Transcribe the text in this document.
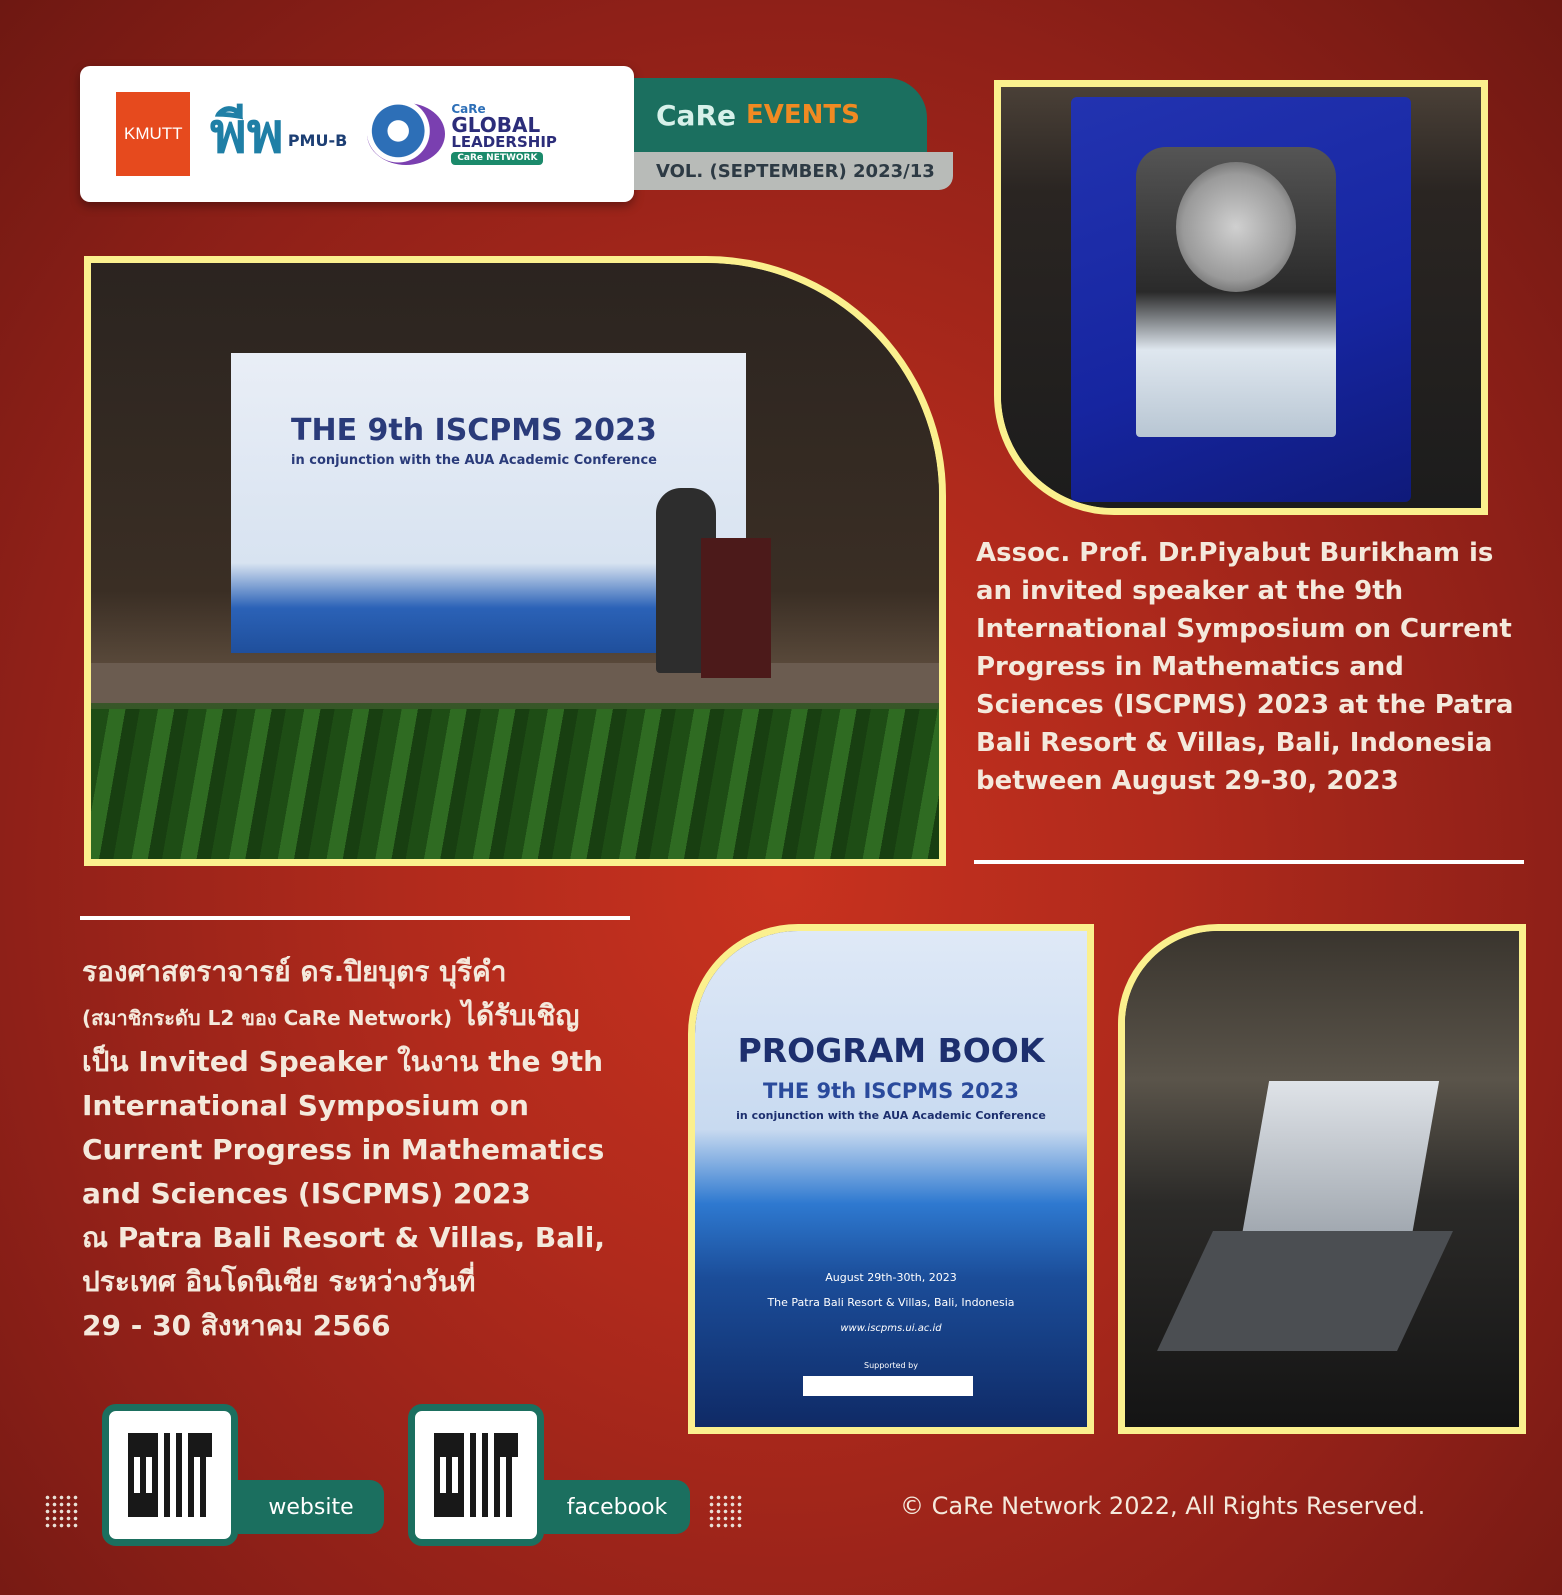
KMUTT พีพ PMU-B
CaRe
GLOBAL
LEADERSHIP
CaRe NETWORK
CaRe EVENTS
VOL. (SEPTEMBER) 2023/13
THE 9th ISCPMS 2023
in conjunction with the AUA Academic Conference
Assoc. Prof. Dr.Piyabut Burikham is an invited speaker at the 9th International Symposium on Current Progress in Mathematics and Sciences (ISCPMS) 2023 at the Patra Bali Resort & Villas, Bali, Indonesia between August 29-30, 2023
รองศาสตราจารย์ ดร.ปิยบุตร บุรีคำ
(สมาชิกระดับ L2 ของ CaRe Network) ได้รับเชิญ
เป็น Invited Speaker ในงาน the 9th
International Symposium on
Current Progress in Mathematics
and Sciences (ISCPMS) 2023
ณ Patra Bali Resort & Villas, Bali,
ประเทศ อินโดนิเซีย ระหว่างวันที่
29 - 30 สิงหาคม 2566
PROGRAM BOOK
THE 9th ISCPMS 2023
in conjunction with the AUA Academic Conference
August 29th-30th, 2023
The Patra Bali Resort & Villas, Bali, Indonesia
www.iscpms.ui.ac.id
Supported by
website	facebook	© CaRe Network 2022, All Rights Reserved.
